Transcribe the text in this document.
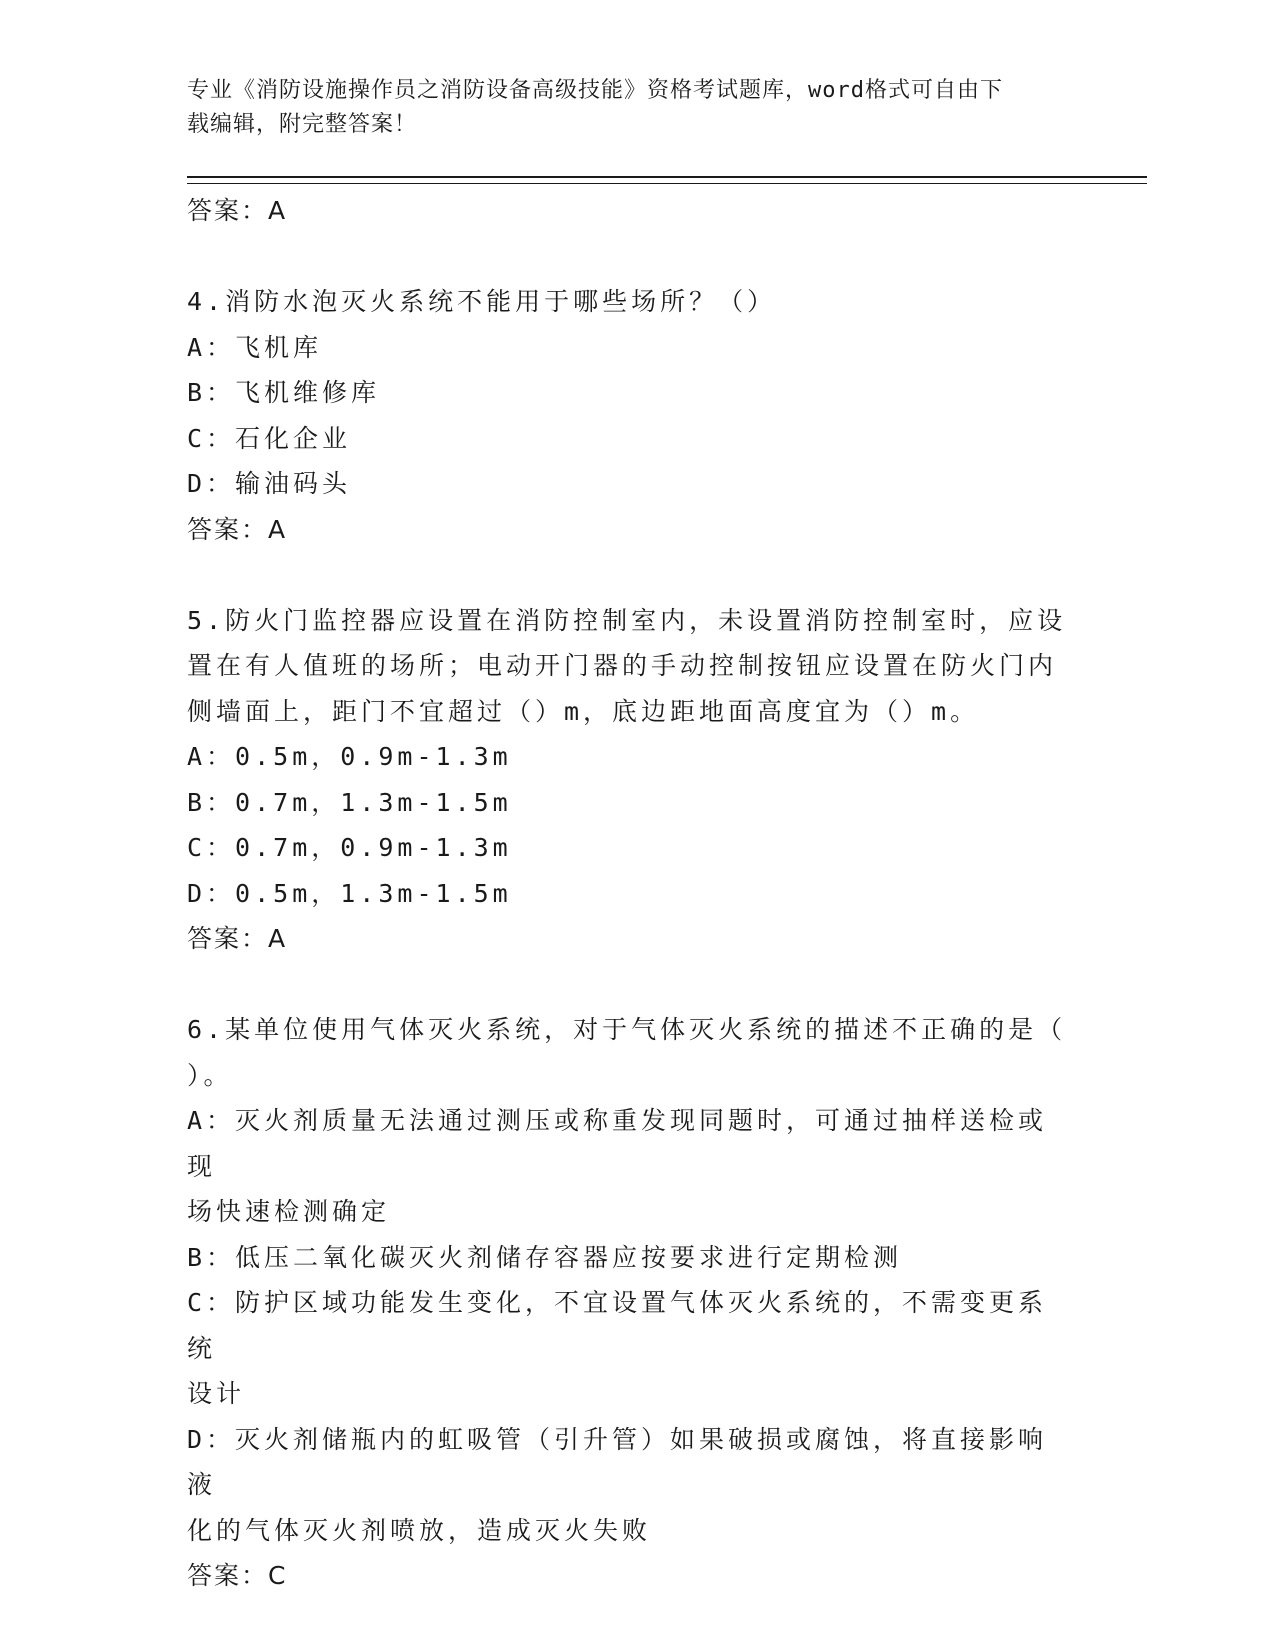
专业《消防设施操作员之消防设备高级技能》资格考试题库，word格式可自由下
载编辑，附完整答案！
答案：A
4.消防水泡灭火系统不能用于哪些场所？（）
A：飞机库
B：飞机维修库
C：石化企业
D：输油码头
答案：A
5.防火门监控器应设置在消防控制室内，未设置消防控制室时，应设
置在有人值班的场所；电动开门器的手动控制按钮应设置在防火门内
侧墙面上，距门不宜超过（）m，底边距地面高度宜为（）m。
A：0.5m，0.9m-1.3m
B：0.7m，1.3m-1.5m
C：0.7m，0.9m-1.3m
D：0.5m，1.3m-1.5m
答案：A
6.某单位使用气体灭火系统，对于气体灭火系统的描述不正确的是（
）。
A：灭火剂质量无法通过测压或称重发现同题时，可通过抽样送检或现
场快速检测确定
B：低压二氧化碳灭火剂储存容器应按要求进行定期检测
C：防护区域功能发生变化，不宜设置气体灭火系统的，不需变更系统
设计
D：灭火剂储瓶内的虹吸管（引升管）如果破损或腐蚀，将直接影响液
化的气体灭火剂喷放，造成灭火失败
答案：C
